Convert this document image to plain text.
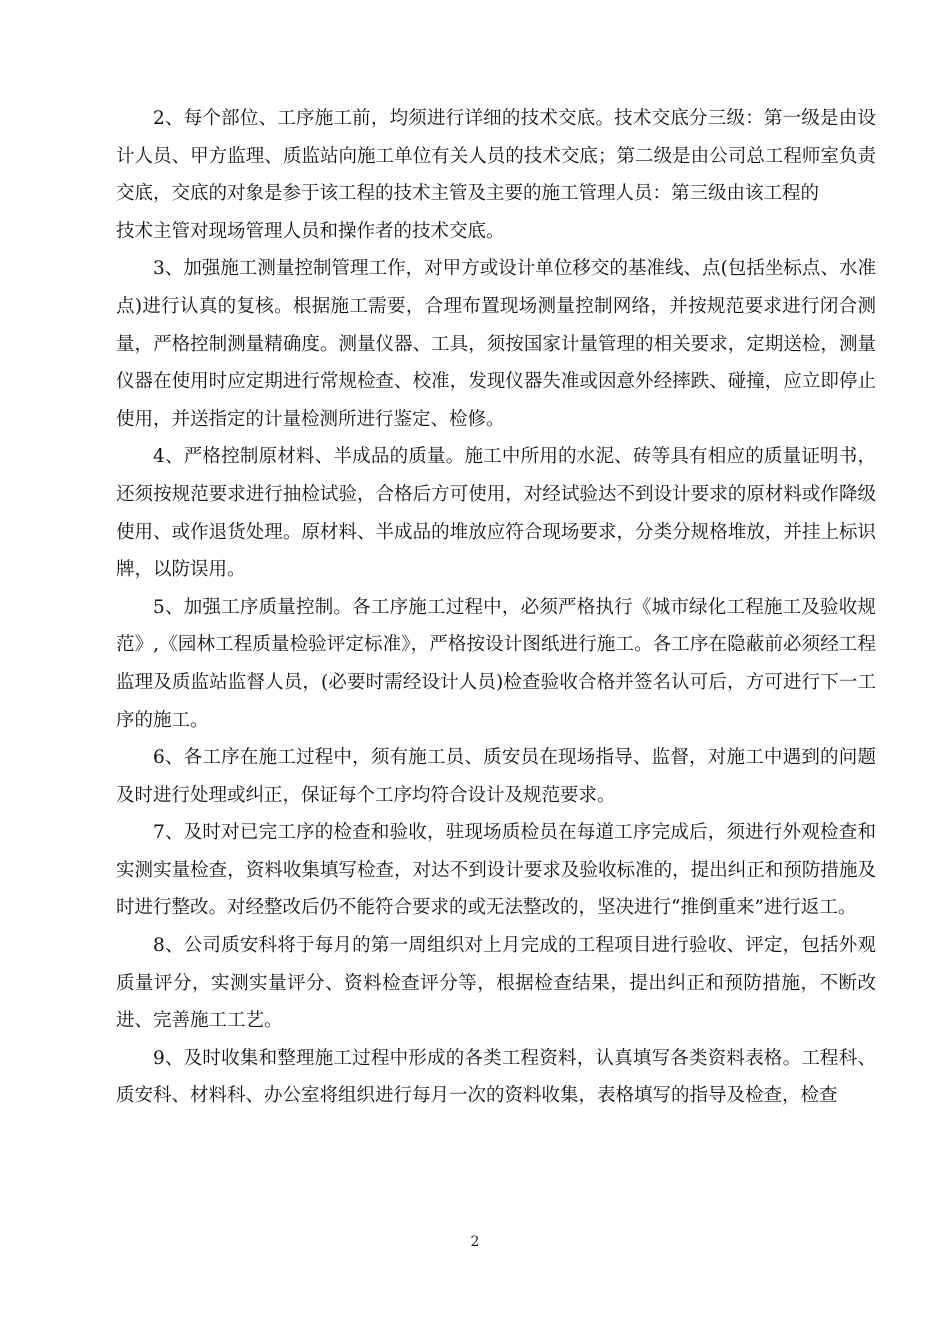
2、每个部位、工序施工前，均须进行详细的技术交底。技术交底分三级：第一级是由设计人员、甲方监理、质监站向施工单位有关人员的技术交底；第二级是由公司总工程师室负责交底，交底的对象是参于该工程的技术主管及主要的施工管理人员：第三级由该工程的

技术主管对现场管理人员和操作者的技术交底。

3、加强施工测量控制管理工作，对甲方或设计单位移交的基准线、点(包括坐标点、水准点)进行认真的复核。根据施工需要，合理布置现场测量控制网络，并按规范要求进行闭合测量，严格控制测量精确度。测量仪器、工具，须按国家计量管理的相关要求，定期送检，测量仪器在使用时应定期进行常规检查、校准，发现仪器失准或因意外经摔跌、碰撞，应立即停止使用，并送指定的计量检测所进行鉴定、检修。

4、严格控制原材料、半成品的质量。施工中所用的水泥、砖等具有相应的质量证明书，还须按规范要求进行抽检试验，合格后方可使用，对经试验达不到设计要求的原材料或作降级使用、或作退货处理。原材料、半成品的堆放应符合现场要求，分类分规格堆放，并挂上标识牌，以防误用。

5、加强工序质量控制。各工序施工过程中，必须严格执行《城市绿化工程施工及验收规范》,《园林工程质量检验评定标准》，严格按设计图纸进行施工。各工序在隐蔽前必须经工程监理及质监站监督人员，(必要时需经设计人员)检查验收合格并签名认可后，方可进行下一工序的施工。

6、各工序在施工过程中，须有施工员、质安员在现场指导、监督，对施工中遇到的问题及时进行处理或纠正，保证每个工序均符合设计及规范要求。

7、及时对已完工序的检查和验收，驻现场质检员在每道工序完成后，须进行外观检查和实测实量检查，资料收集填写检查，对达不到设计要求及验收标准的，提出纠正和预防措施及时进行整改。对经整改后仍不能符合要求的或无法整改的，坚决进行“推倒重来”进行返工。

8、公司质安科将于每月的第一周组织对上月完成的工程项目进行验收、评定，包括外观质量评分，实测实量评分、资料检查评分等，根据检查结果，提出纠正和预防措施，不断改进、完善施工工艺。

9、及时收集和整理施工过程中形成的各类工程资料，认真填写各类资料表格。工程科、质安科、材料科、办公室将组织进行每月一次的资料收集，表格填写的指导及检查，检查

2
